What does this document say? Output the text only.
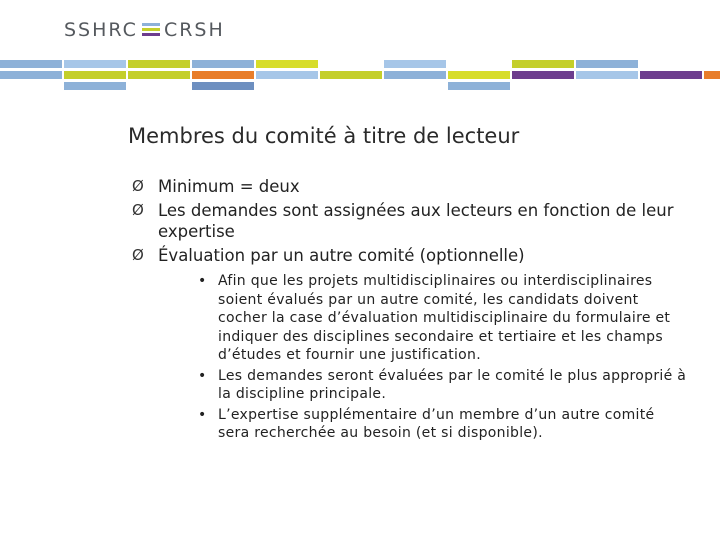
SSHRC CRSH
Membres du comité à titre de lecteur
Ø Minimum = deux
Ø Les demandes sont assignées aux lecteurs en fonction de leur expertise
Ø Évaluation par un autre comité (optionnelle)
• Afin que les projets multidisciplinaires ou interdisciplinaires soient évalués par un autre comité, les candidats doivent cocher la case d’évaluation multidisciplinaire du formulaire et indiquer des disciplines secondaire et tertiaire et les champs d’études et fournir une justification.
• Les demandes seront évaluées par le comité le plus approprié à la discipline principale.
• L’expertise supplémentaire d’un membre d’un autre comité sera recherchée au besoin (et si disponible).
